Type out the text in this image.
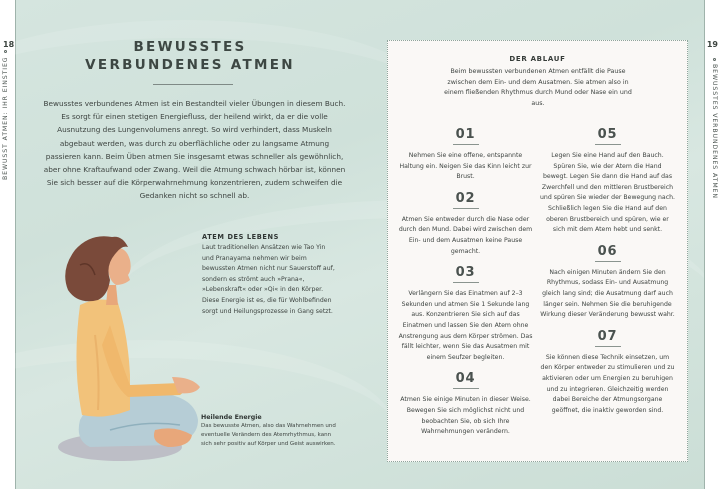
18
BEWUSST ATMEN: IHR EINSTIEG
19
BEWUSSTES VERBUNDENES ATMEN
BEWUSSTES
VERBUNDENES ATMEN

Bewusstes verbundenes Atmen ist ein Bestandteil vieler Übungen in diesem Buch. Es sorgt für einen stetigen Energiefluss, der heilend wirkt, da er die volle Ausnutzung des Lungenvolumens anregt. So wird verhindert, dass Muskeln abgebaut werden, was durch zu oberflächliche oder zu langsame Atmung passieren kann. Beim Üben atmen Sie insgesamt etwas schneller als gewöhnlich, aber ohne Kraftaufwand oder Zwang. Weil die Atmung schwach hörbar ist, können Sie sich besser auf die Körperwahrnehmung konzentrieren, zudem schweifen die Gedanken nicht so schnell ab.

ATEM DES LEBENS

Laut traditionellen Ansätzen wie Tao Yin und Pranayama nehmen wir beim bewussten Atmen nicht nur Sauerstoff auf, sondern es strömt auch »Prana«, »Lebenskraft« oder »Qi« in den Körper. Diese Energie ist es, die für Wohlbefinden sorgt und Heilungsprozesse in Gang setzt.

Heilende Energie

Das bewusste Atmen, also das Wahrnehmen und eventuelle Verändern des Atemrhythmus, kann sich sehr positiv auf Körper und Geist auswirken.

DER ABLAUF

Beim bewussten verbundenen Atmen entfällt die Pause zwischen dem Ein- und dem Ausatmen. Sie atmen also in einem fließenden Rhythmus durch Mund oder Nase ein und aus.

01

Nehmen Sie eine offene, entspannte Haltung ein. Neigen Sie das Kinn leicht zur Brust.

02

Atmen Sie entweder durch die Nase oder durch den Mund. Dabei wird zwischen dem Ein- und dem Ausatmen keine Pause gemacht.

03

Verlängern Sie das Einatmen auf 2–3 Sekunden und atmen Sie 1 Sekunde lang aus. Konzentrieren Sie sich auf das Einatmen und lassen Sie den Atem ohne Anstrengung aus dem Körper strömen. Das fällt leichter, wenn Sie das Ausatmen mit einem Seufzer begleiten.

04

Atmen Sie einige Minuten in dieser Weise. Bewegen Sie sich möglichst nicht und beobachten Sie, ob sich Ihre Wahrnehmungen verändern.

05

Legen Sie eine Hand auf den Bauch. Spüren Sie, wie der Atem die Hand bewegt. Legen Sie dann die Hand auf das Zwerchfell und den mittleren Brustbereich und spüren Sie wieder der Bewegung nach. Schließlich legen Sie die Hand auf den oberen Brustbereich und spüren, wie er sich mit dem Atem hebt und senkt.

06

Nach einigen Minuten ändern Sie den Rhythmus, sodass Ein- und Ausatmung gleich lang sind; die Ausatmung darf auch länger sein. Nehmen Sie die beruhigende Wirkung dieser Veränderung bewusst wahr.

07

Sie können diese Technik einsetzen, um den Körper entweder zu stimulieren und zu aktivieren oder um Energien zu beruhigen und zu integrieren. Gleichzeitig werden dabei Bereiche der Atmungsorgane geöffnet, die inaktiv geworden sind.
